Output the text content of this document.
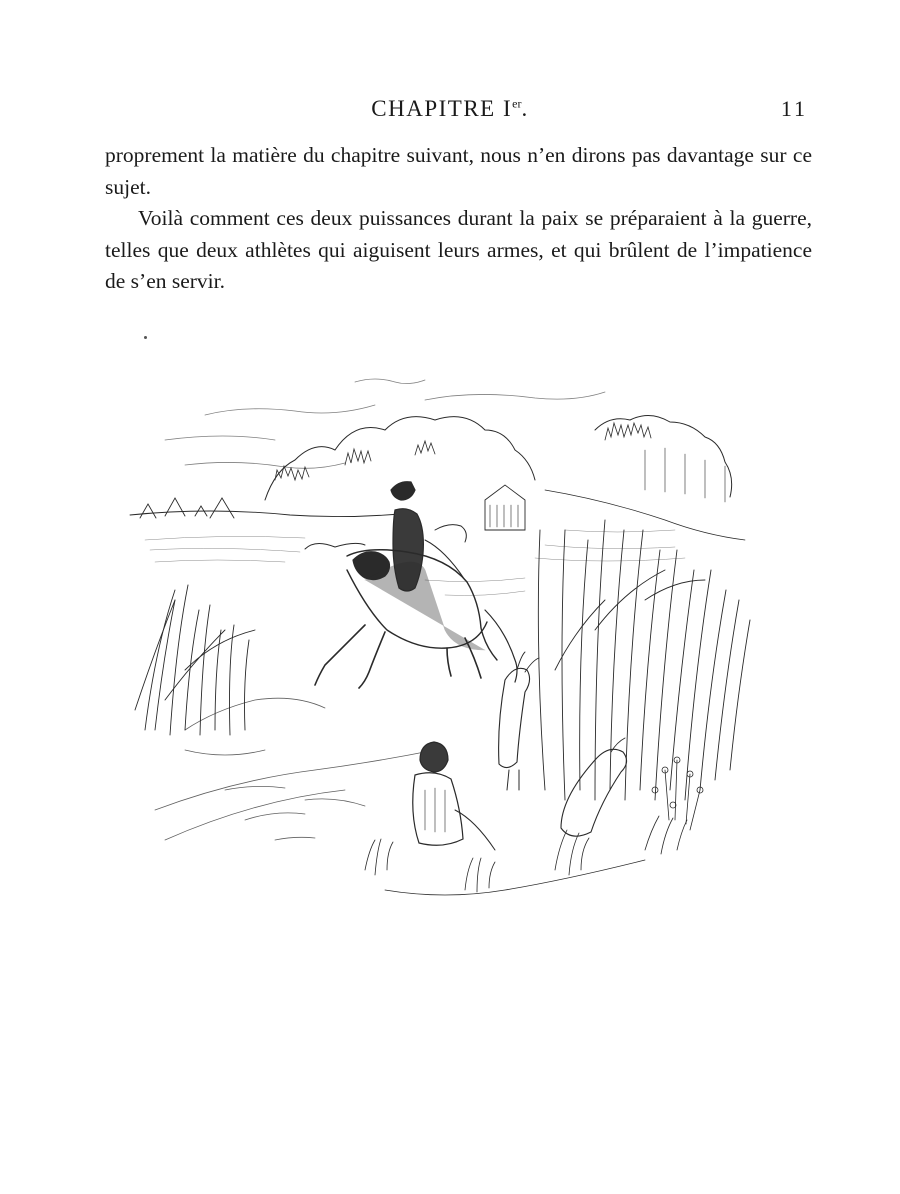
CHAPITRE Ier.	11

proprement la matière du chapitre suivant, nous n’en dirons pas davantage sur ce sujet.

Voilà comment ces deux puissances durant la paix se préparaient à la guerre, telles que deux athlètes qui aiguisent leurs armes, et qui brûlent de l’impatience de s’en servir.
